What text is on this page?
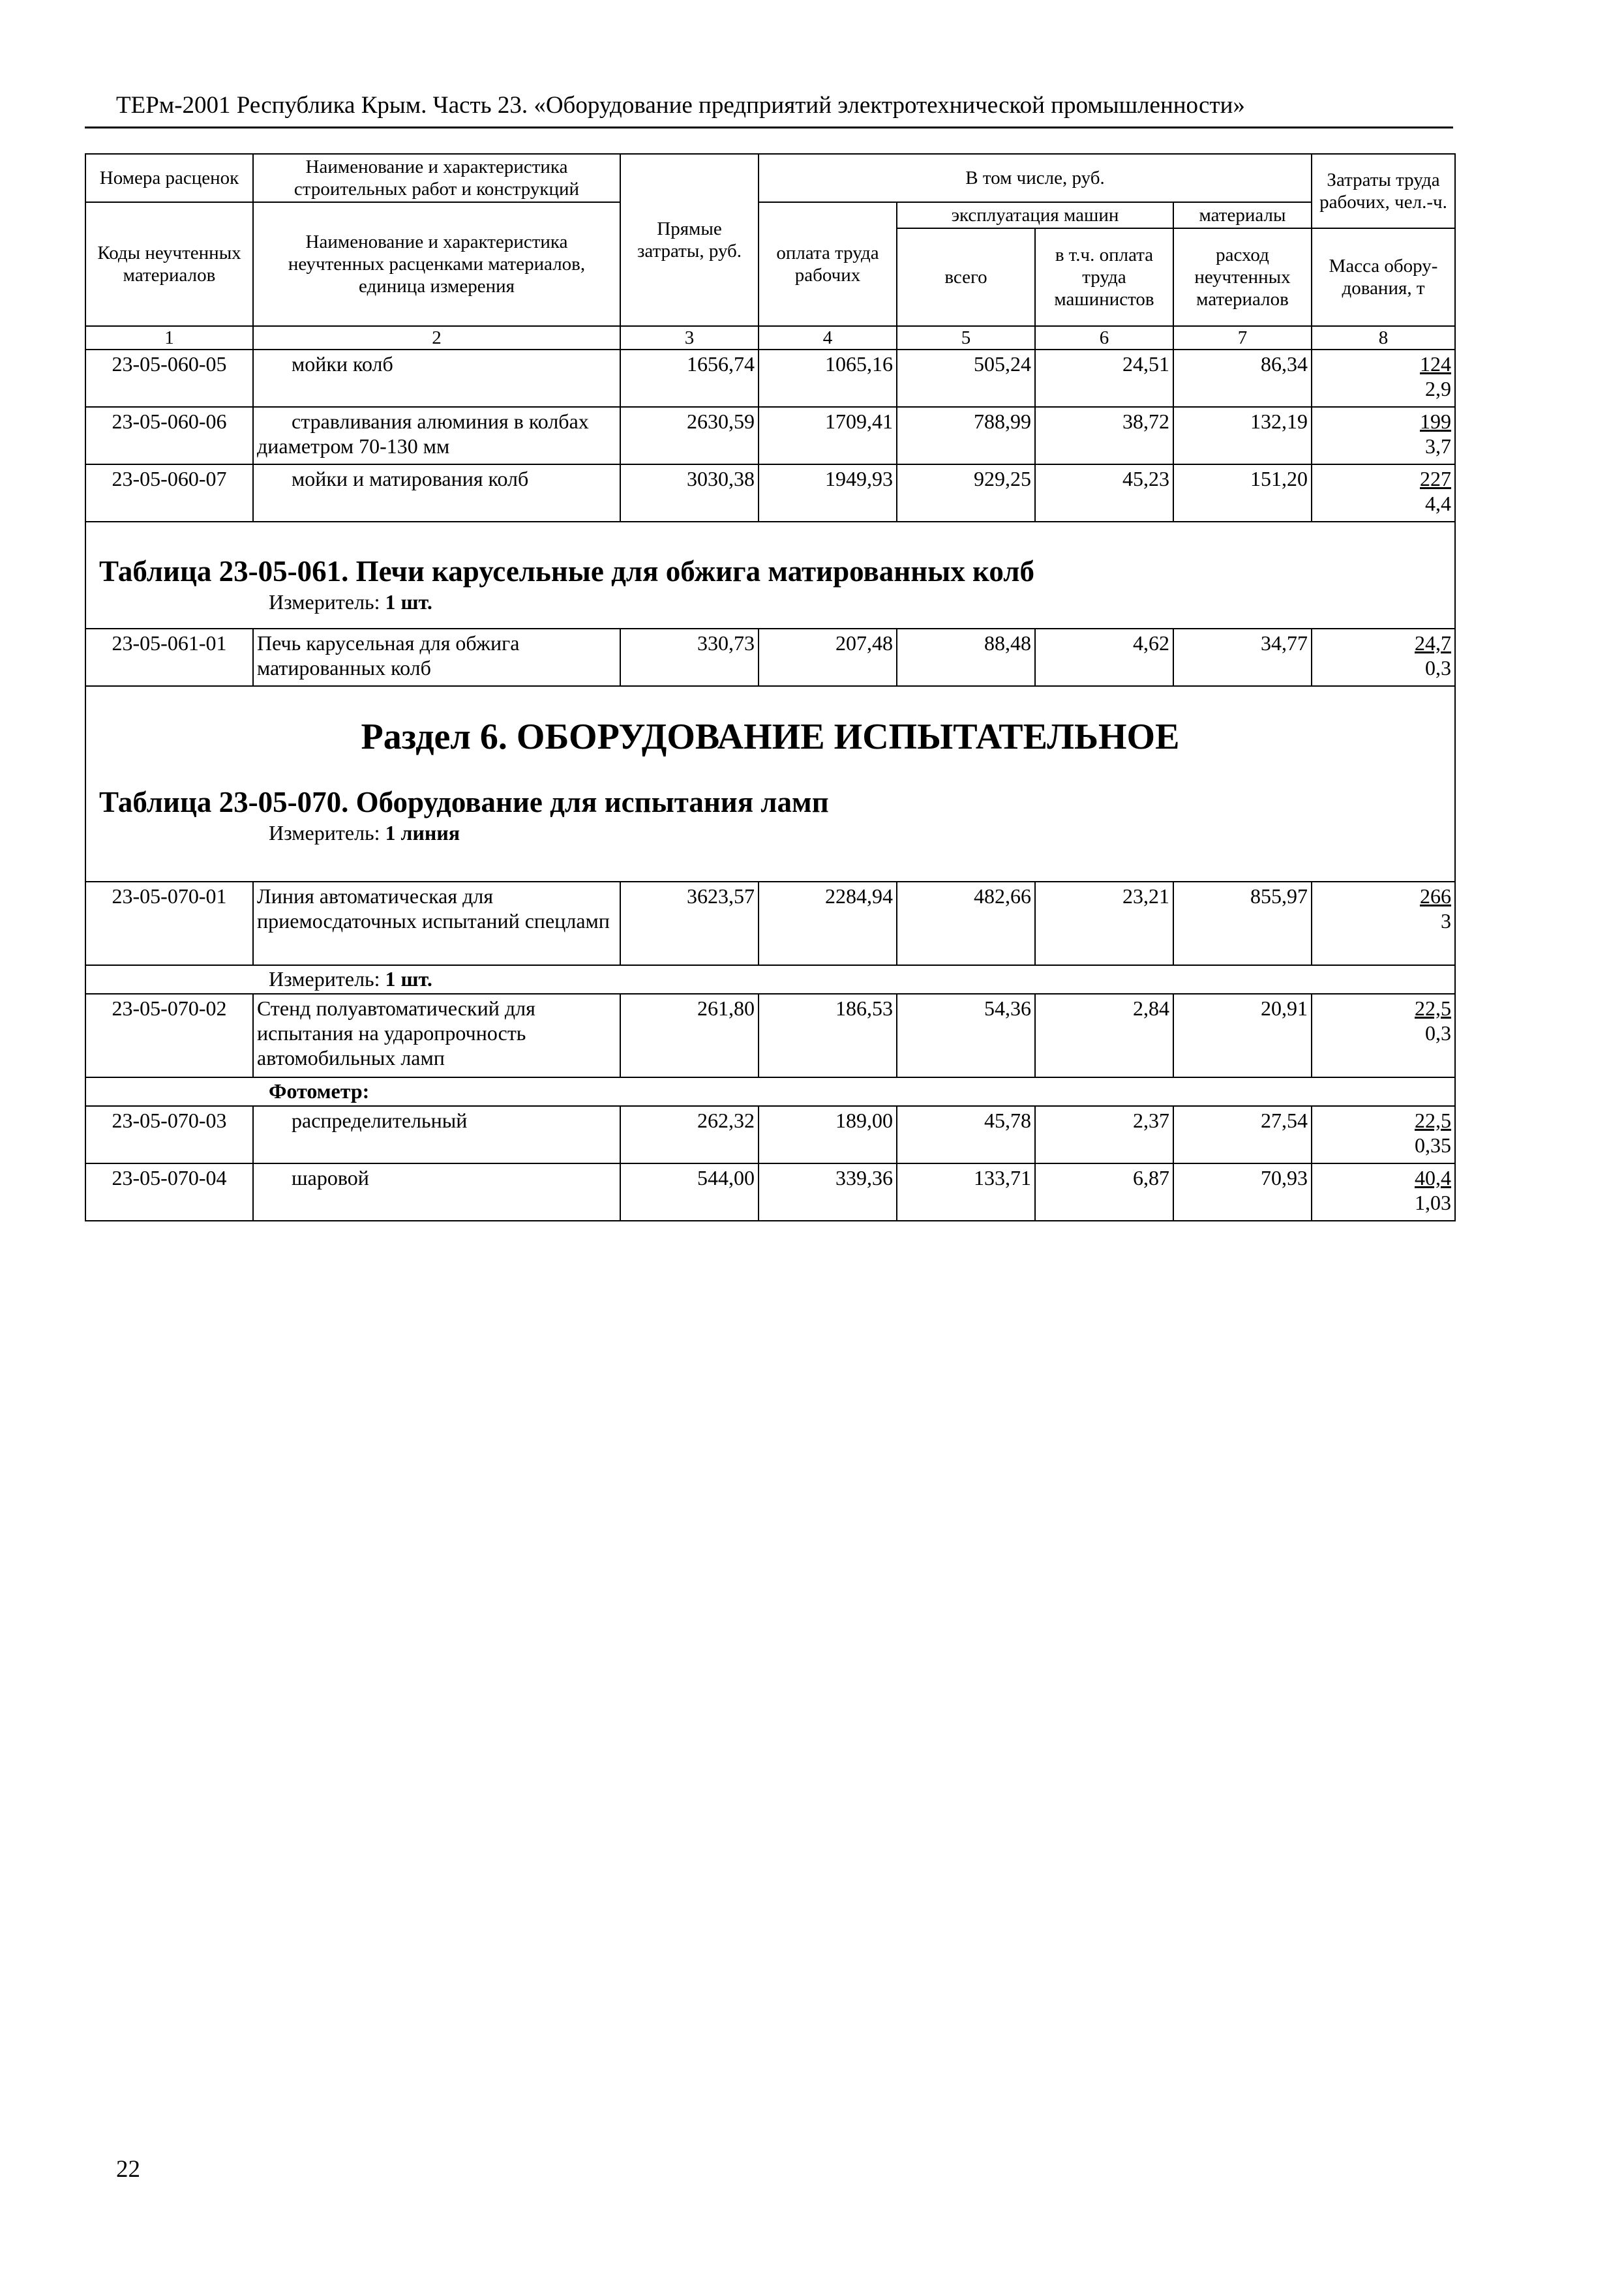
ТЕРм-2001 Республика Крым. Часть 23. «Оборудование предприятий электротехнической промышленности»
Номера расценок	Наименование и характеристика строительных работ и конструкций	Прямые затраты, руб.	В том числе, руб.				Затраты труда рабочих, чел.-ч.
Коды неучтенных материалов	Наименование и характеристика неучтенных расценками материалов, единица измерения		оплата труда рабочих	эксплуатация машин		материалы	
				всего	в т.ч. оплата труда машинистов	расход неучтенных материалов	Масса обору-дования, т
1	2	3	4	5	6	7	8
23-05-060-05	мойки колб	1656,74	1065,16	505,24	24,51	86,34	124
2,9

23-05-060-06	стравливания алюминия в колбах диаметром 70-130 мм	2630,59	1709,41	788,99	38,72	132,19	199
3,7

23-05-060-07	мойки и матирования колб	3030,38	1949,93	929,25	45,23	151,20	227
4,4

Таблица 23-05-061. Печи карусельные для обжига матированных колб
Измеритель: 1 шт.							

23-05-061-01	Печь карусельная для обжига матированных колб	330,73	207,48	88,48	4,62	34,77	24,7
0,3

Раздел 6. ОБОРУДОВАНИЕ ИСПЫТАТЕЛЬНОЕ
Таблица 23-05-070. Оборудование для испытания ламп
Измеритель: 1 линия							

23-05-070-01	Линия автоматическая для приемосдаточных испытаний спецламп	3623,57	2284,94	482,66	23,21	855,97	266
3

Измеритель: 1 шт.							

23-05-070-02	Стенд полуавтоматический для испытания на ударопрочность автомобильных ламп	261,80	186,53	54,36	2,84	20,91	22,5
0,3

Фотометр:							

23-05-070-03	распределительный	262,32	189,00	45,78	2,37	27,54	22,5
0,35

23-05-070-04	шаровой	544,00	339,36	133,71	6,87	70,93	40,4
1,03
22
